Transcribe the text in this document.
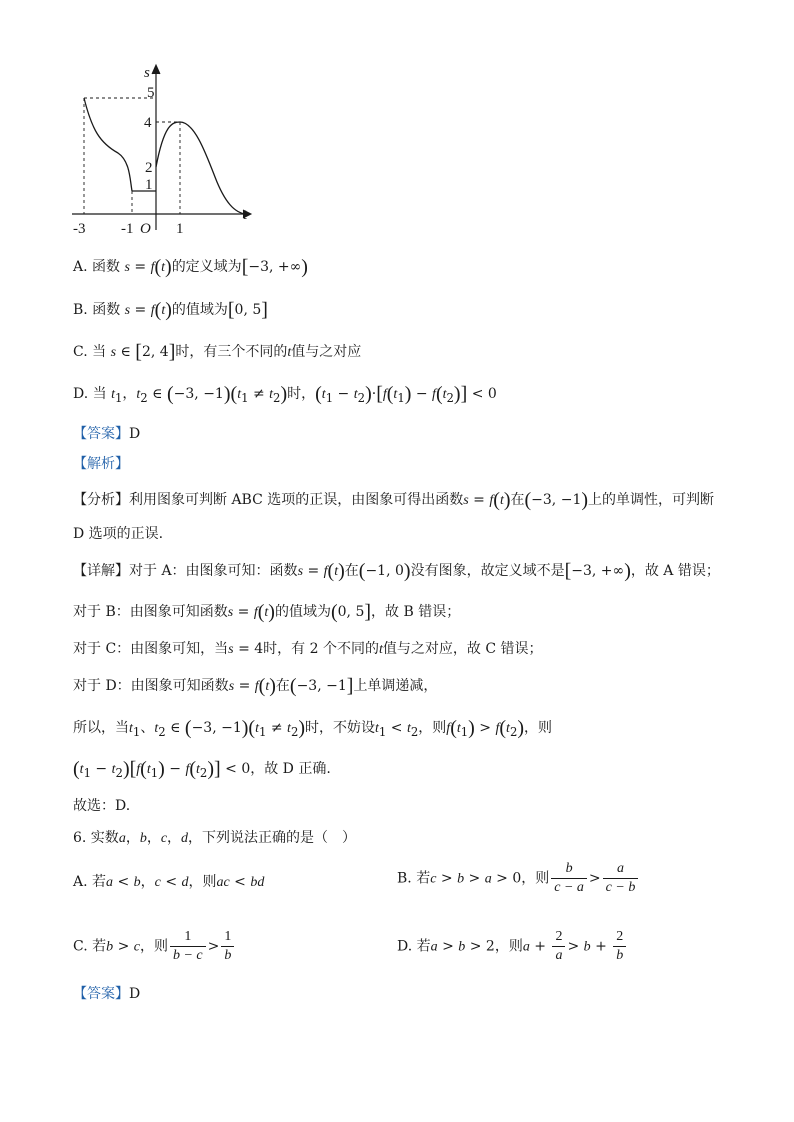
s
t
O
5
4
2
1
-3 -1	1
A. 函数 s = f(t)的定义域为[−3, +∞)
B. 函数 s = f(t)的值域为[0, 5]
C. 当 s ∈ [2, 4]时，有三个不同的t值与之对应
D. 当 $t_1$，$t_2$ ∈ (−3, $-1)(t_1 \ne t_2)$时，$(t_1 - t_2)\cdot[f(t_1) - f(t_2)] < 0$
【答案】D
【解析】
【分析】利用图象可判断 ABC 选项的正误，由图象可得出函数s = f(t)在(−3, −1)上的单调性，可判断
D 选项的正误.
【详解】对于 A：由图象可知：函数s = f(t)在(−1, 0)没有图象，故定义域不是[−3, +∞)，故 A 错误；
对于 B：由图象可知函数s = f(t)的值域为(0, 5]，故 B 错误；
对于 C：由图象可知，当s = 4时，有 2 个不同的t值与之对应，故 C 错误；
对于 D：由图象可知函数s = f(t)在(−3, −1]上单调递减，
所以，当$t_1$、$t_2$ ∈ (−3, $-1)(t_1 \ne t_2)$时，不妨设$t_1 < t_2$，则$f(t_1) > f(t_2)$，则
$(t_1 - t_2)[f(t_1) - f(t_2)] < 0$，故 D 正确.
故选：D.
6. 实数a，b，c，d，下列说法正确的是（　）
A. 若a < b，c < d，则ac < bd	B. 若c > b > a > 0，则 $\frac{b}{c - a} > \frac{a}{c - b}$
C. 若b > c，则 $\frac{1}{b - c} > \frac{1}{b}$	D. 若a > b > 2，则$a + \frac{2}{a} > b + \frac{2}{b}$
【答案】D
